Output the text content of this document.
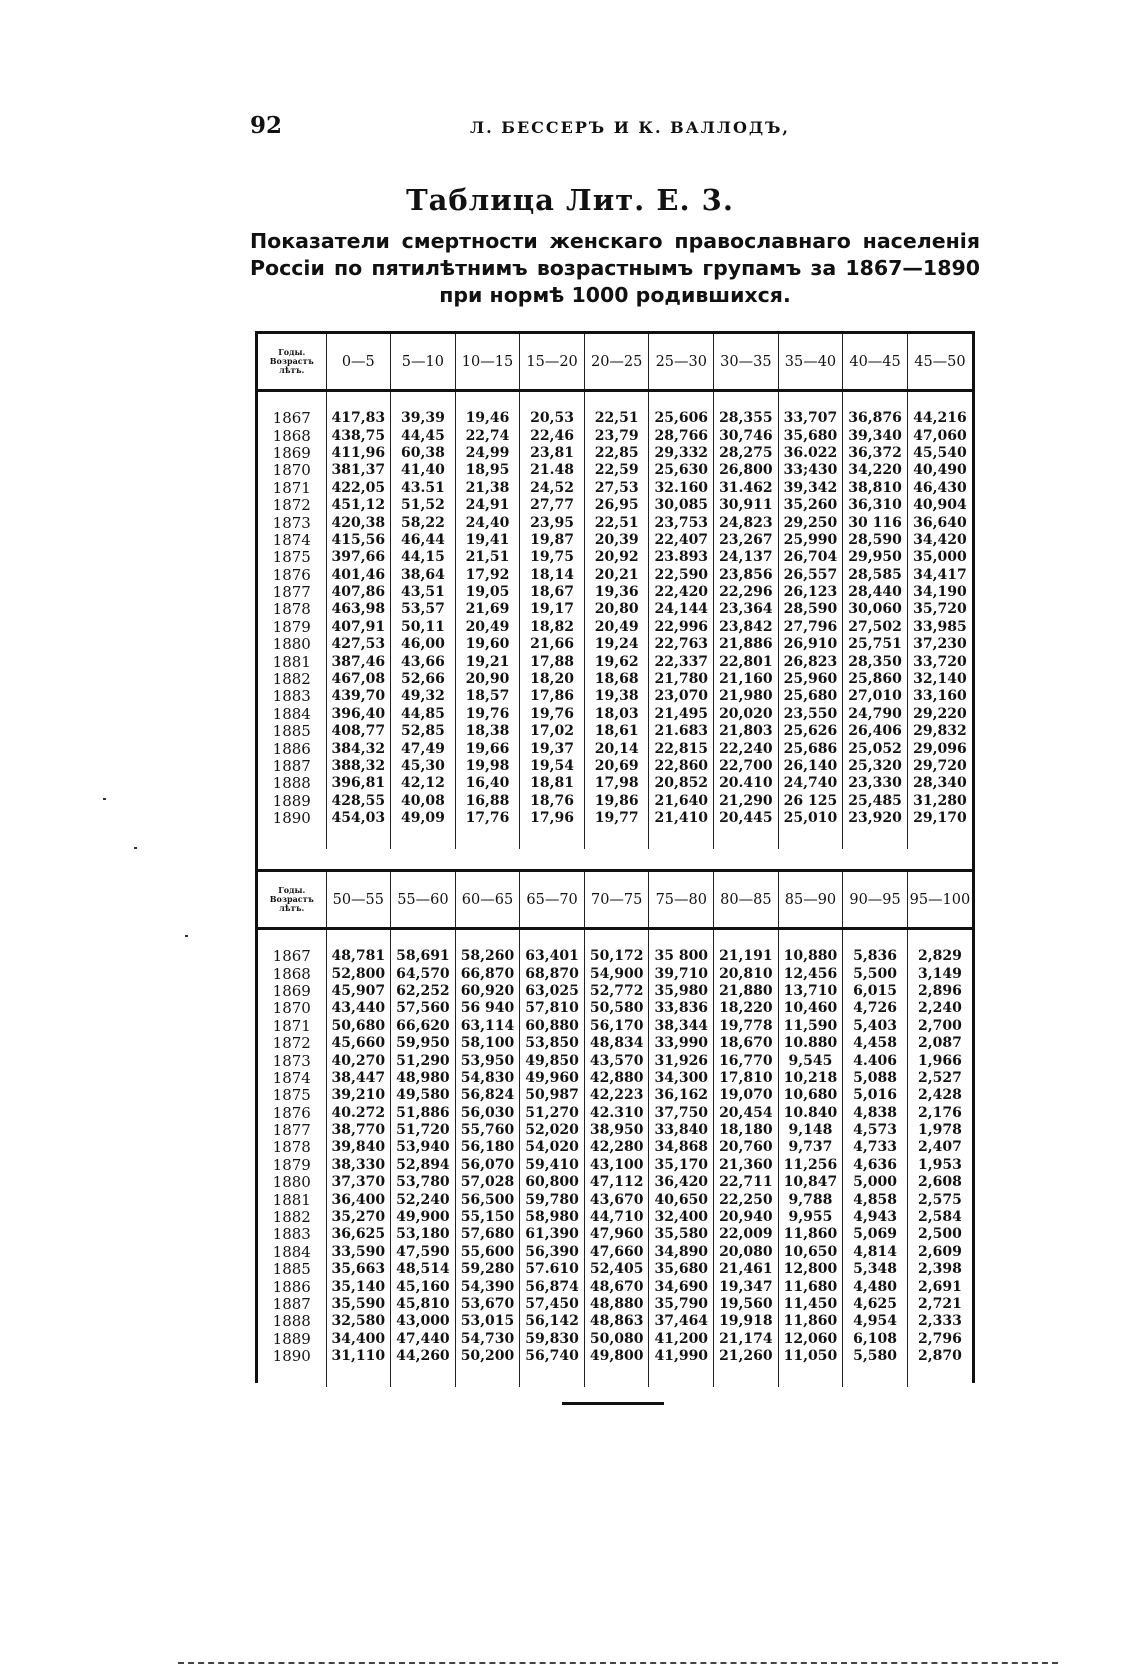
92	Л. БЕССЕРЪ И К. ВАЛЛОДЪ,
Таблица Лит. Е. 3.
Показатели смертности женскаго православнаго населенія Россіи по пятилѣтнимъ возрастнымъ групамъ за 1867—1890 при нормѣ 1000 родившихся.
Годы.
Возрастъ
лѣтъ.	0—5	5—10	10—15	15—20	20—25	25—30	30—35	35—40	40—45	45—50

1867	417,83	39,39	19,46	20,53	22,51	25,606	28,355	33,707	36,876	44,216
1868	438,75	44,45	22,74	22,46	23,79	28,766	30,746	35,680	39,340	47,060
1869	411,96	60,38	24,99	23,81	22,85	29,332	28,275	36.022	36,372	45,540
1870	381,37	41,40	18,95	21.48	22,59	25,630	26,800	33;430	34,220	40,490
1871	422,05	43.51	21,38	24,52	27,53	32.160	31.462	39,342	38,810	46,430
1872	451,12	51,52	24,91	27,77	26,95	30,085	30,911	35,260	36,310	40,904
1873	420,38	58,22	24,40	23,95	22,51	23,753	24,823	29,250	30 116	36,640
1874	415,56	46,44	19,41	19,87	20,39	22,407	23,267	25,990	28,590	34,420
1875	397,66	44,15	21,51	19,75	20,92	23.893	24,137	26,704	29,950	35,000
1876	401,46	38,64	17,92	18,14	20,21	22,590	23,856	26,557	28,585	34,417
1877	407,86	43,51	19,05	18,67	19,36	22,420	22,296	26,123	28,440	34,190
1878	463,98	53,57	21,69	19,17	20,80	24,144	23,364	28,590	30,060	35,720
1879	407,91	50,11	20,49	18,82	20,49	22,996	23,842	27,796	27,502	33,985
1880	427,53	46,00	19,60	21,66	19,24	22,763	21,886	26,910	25,751	37,230
1881	387,46	43,66	19,21	17,88	19,62	22,337	22,801	26,823	28,350	33,720
1882	467,08	52,66	20,90	18,20	18,68	21,780	21,160	25,960	25,860	32,140
1883	439,70	49,32	18,57	17,86	19,38	23,070	21,980	25,680	27,010	33,160
1884	396,40	44,85	19,76	19,76	18,03	21,495	20,020	23,550	24,790	29,220
1885	408,77	52,85	18,38	17,02	18,61	21.683	21,803	25,626	26,406	29,832
1886	384,32	47,49	19,66	19,37	20,14	22,815	22,240	25,686	25,052	29,096
1887	388,32	45,30	19,98	19,54	20,69	22,860	22,700	26,140	25,320	29,720
1888	396,81	42,12	16,40	18,81	17,98	20,852	20.410	24,740	23,330	28,340
1889	428,55	40,08	16,88	18,76	19,86	21,640	21,290	26 125	25,485	31,280
1890	454,03	49,09	17,76	17,96	19,77	21,410	20,445	25,010	23,920	29,170

Годы.
Возрастъ
лѣтъ.	50—55	55—60	60—65	65—70	70—75	75—80	80—85	85—90	90—95	95—100

1867	48,781	58,691	58,260	63,401	50,172	35 800	21,191	10,880	5,836	2,829
1868	52,800	64,570	66,870	68,870	54,900	39,710	20,810	12,456	5,500	3,149
1869	45,907	62,252	60,920	63,025	52,772	35,980	21,880	13,710	6,015	2,896
1870	43,440	57,560	56 940	57,810	50,580	33,836	18,220	10,460	4,726	2,240
1871	50,680	66,620	63,114	60,880	56,170	38,344	19,778	11,590	5,403	2,700
1872	45,660	59,950	58,100	53,850	48,834	33,990	18,670	10.880	4,458	2,087
1873	40,270	51,290	53,950	49,850	43,570	31,926	16,770	9,545	4.406	1,966
1874	38,447	48,980	54,830	49,960	42,880	34,300	17,810	10,218	5,088	2,527
1875	39,210	49,580	56,824	50,987	42,223	36,162	19,070	10,680	5,016	2,428
1876	40.272	51,886	56,030	51,270	42.310	37,750	20,454	10.840	4,838	2,176
1877	38,770	51,720	55,760	52,020	38,950	33,840	18,180	9,148	4,573	1,978
1878	39,840	53,940	56,180	54,020	42,280	34,868	20,760	9,737	4,733	2,407
1879	38,330	52,894	56,070	59,410	43,100	35,170	21,360	11,256	4,636	1,953
1880	37,370	53,780	57,028	60,800	47,112	36,420	22,711	10,847	5,000	2,608
1881	36,400	52,240	56,500	59,780	43,670	40,650	22,250	9,788	4,858	2,575
1882	35,270	49,900	55,150	58,980	44,710	32,400	20,940	9,955	4,943	2,584
1883	36,625	53,180	57,680	61,390	47,960	35,580	22,009	11,860	5,069	2,500
1884	33,590	47,590	55,600	56,390	47,660	34,890	20,080	10,650	4,814	2,609
1885	35,663	48,514	59,280	57.610	52,405	35,680	21,461	12,800	5,348	2,398
1886	35,140	45,160	54,390	56,874	48,670	34,690	19,347	11,680	4,480	2,691
1887	35,590	45,810	53,670	57,450	48,880	35,790	19,560	11,450	4,625	2,721
1888	32,580	43,000	53,015	56,142	48,863	37,464	19,918	11,860	4,954	2,333
1889	34,400	47,440	54,730	59,830	50,080	41,200	21,174	12,060	6,108	2,796
1890	31,110	44,260	50,200	56,740	49,800	41,990	21,260	11,050	5,580	2,870
